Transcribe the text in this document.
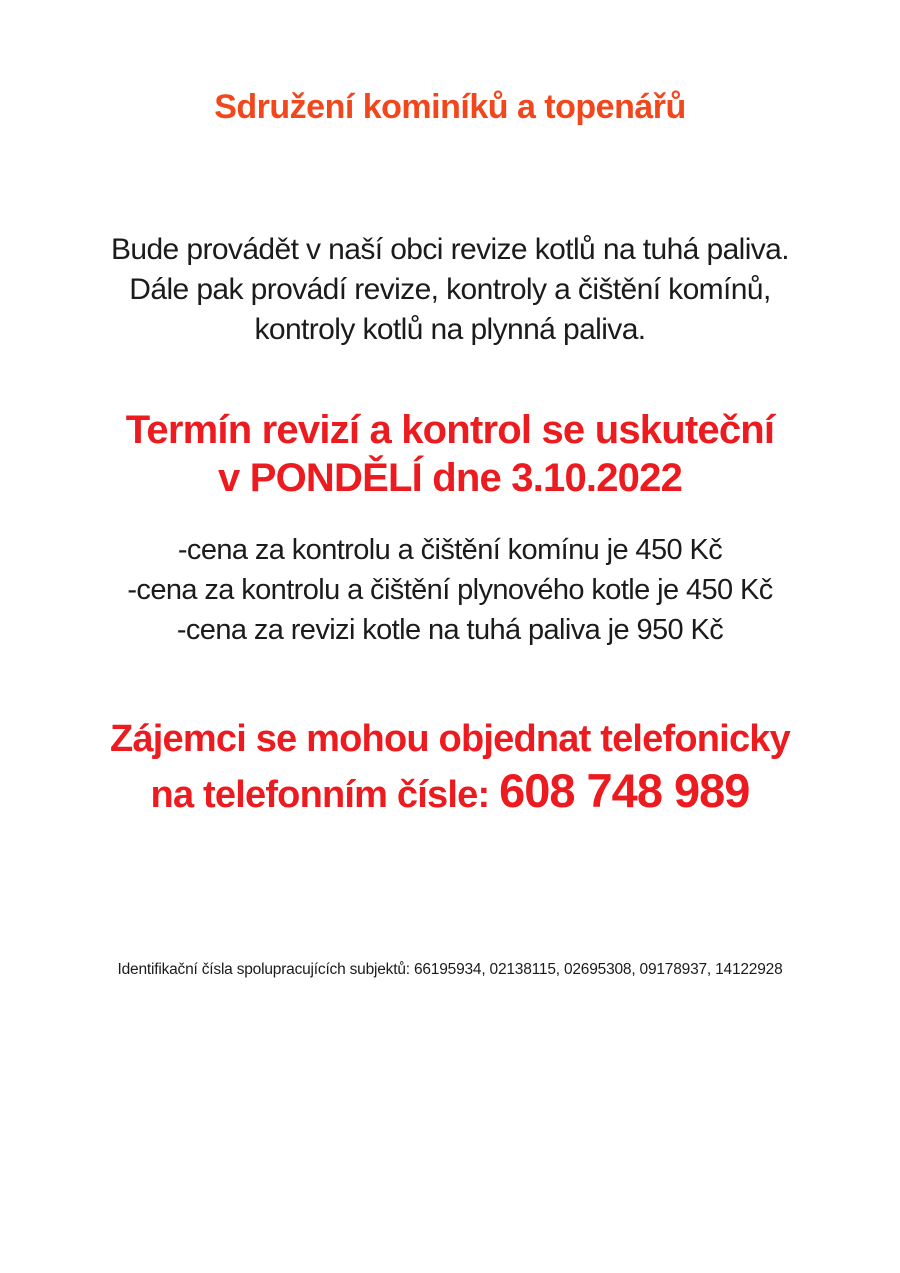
Sdružení kominíků a topenářů
Bude provádět v naší obci revize kotlů na tuhá paliva.
Dále pak provádí revize, kontroly a čištění komínů,
kontroly kotlů na plynná paliva.
Termín revizí a kontrol se uskuteční
v PONDĚLÍ dne 3.10.2022
-cena za kontrolu a čištění komínu je 450 Kč
-cena za kontrolu a čištění plynového kotle je 450 Kč
-cena za revizi kotle na tuhá paliva je 950 Kč
Zájemci se mohou objednat telefonicky
na telefonním čísle: 608 748 989
Identifikační čísla spolupracujících subjektů: 66195934, 02138115, 02695308, 09178937, 14122928
